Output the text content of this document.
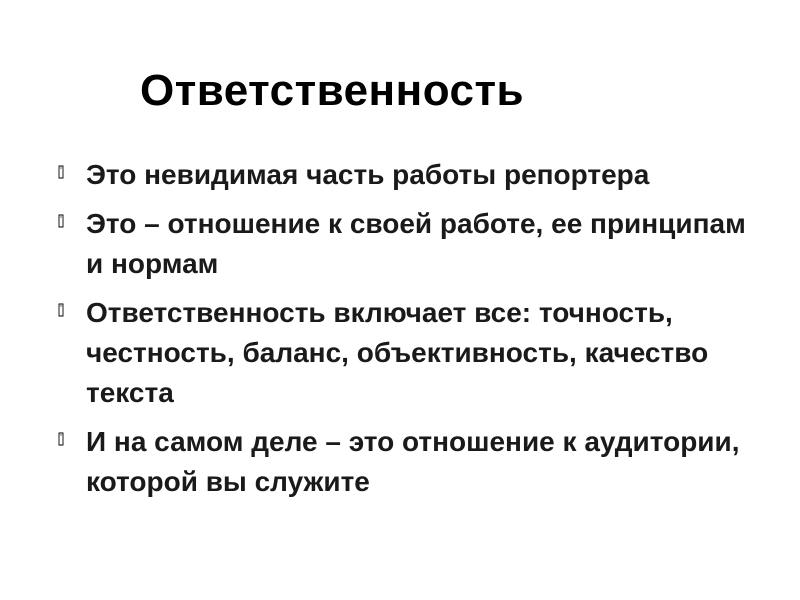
Ответственность
Это невидимая часть работы репортера
Это – отношение к своей работе, ее принципам и нормам
Ответственность включает все: точность, честность, баланс, объективность, качество текста
И на самом деле – это отношение к аудитории, которой вы служите
